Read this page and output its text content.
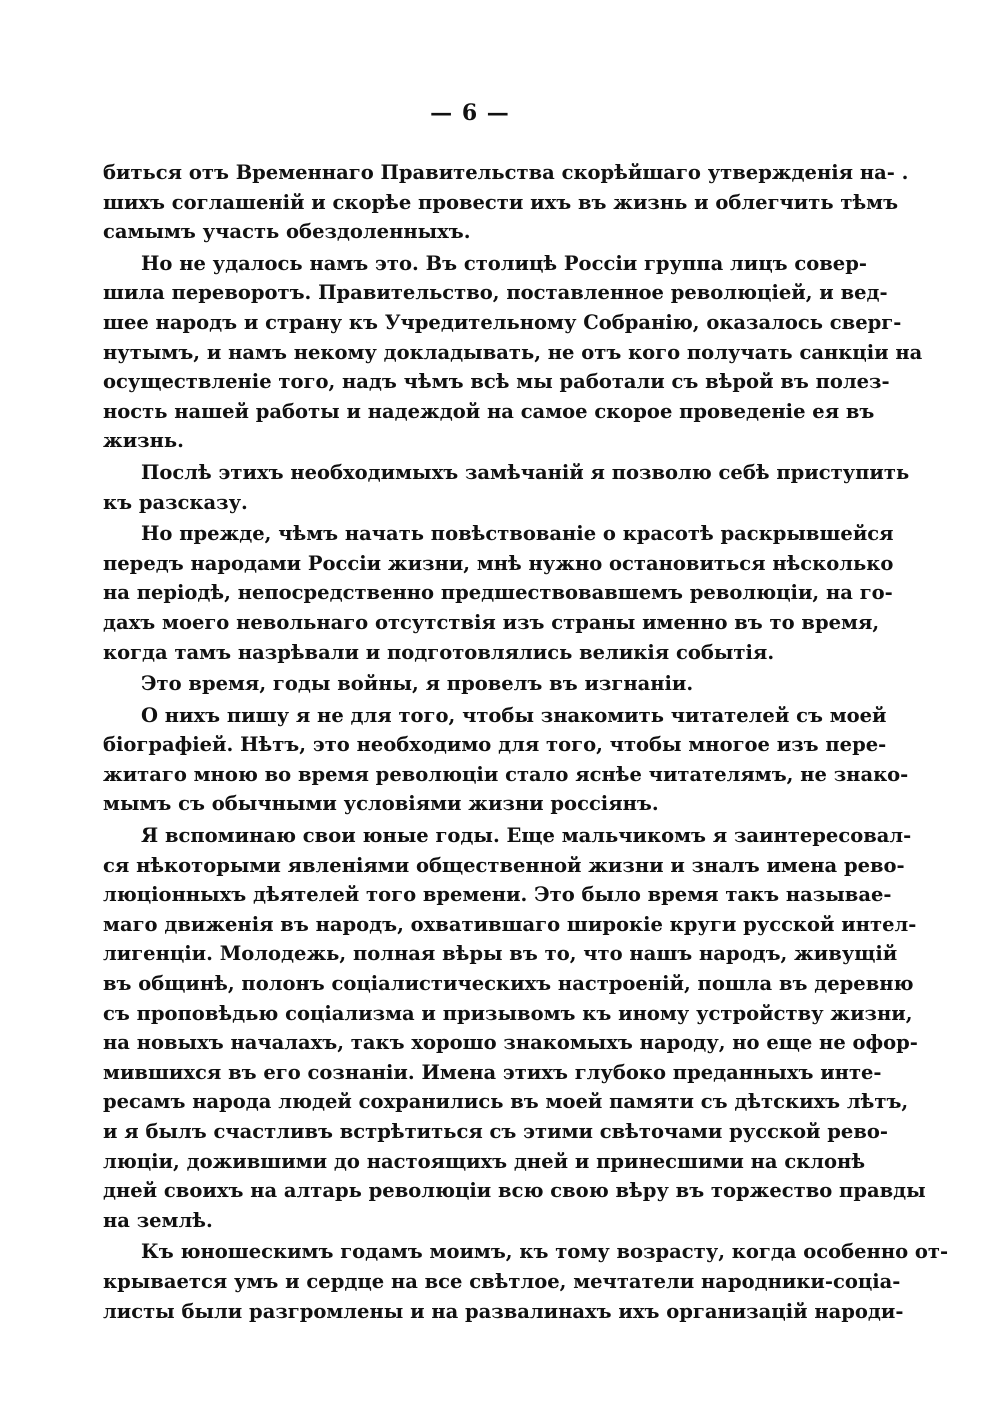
— 6 —
биться отъ Временнаго Правительства скорѣйшаго утвержденія на- .
шихъ соглашеній и скорѣе провести ихъ въ жизнь и облегчить тѣмъ
самымъ участь обездоленныхъ.
Но не удалось намъ это. Въ столицѣ Россіи группа лицъ совер-
шила переворотъ. Правительство, поставленное революціей, и вед-
шее народъ и страну къ Учредительному Собранію, оказалось сверг-
нутымъ, и намъ некому докладывать, не отъ кого получать санкціи на
осуществленіе того, надъ чѣмъ всѣ мы работали съ вѣрой въ полез-
ность нашей работы и надеждой на самое скорое проведеніе ея въ
жизнь.
Послѣ этихъ необходимыхъ замѣчаній я позволю себѣ приступить
къ разсказу.
Но прежде, чѣмъ начать повѣствованіе о красотѣ раскрывшейся
передъ народами Россіи жизни, мнѣ нужно остановиться нѣсколько
на періодѣ, непосредственно предшествовавшемъ революціи, на го-
дахъ моего невольнаго отсутствія изъ страны именно въ то время,
когда тамъ назрѣвали и подготовлялись великія событія.
Это время, годы войны, я провелъ въ изгнаніи.
О нихъ пишу я не для того, чтобы знакомить читателей съ моей
біографіей. Нѣтъ, это необходимо для того, чтобы многое изъ пере-
житаго мною во время революціи стало яснѣе читателямъ, не знако-
мымъ съ обычными условіями жизни россіянъ.
Я вспоминаю свои юные годы. Еще мальчикомъ я заинтересовал-
ся нѣкоторыми явленіями общественной жизни и зналъ имена рево-
люціонныхъ дѣятелей того времени. Это было время такъ называе-
маго движенія въ народъ, охватившаго широкіе круги русской интел-
лигенціи. Молодежь, полная вѣры въ то, что нашъ народъ, живущій
въ общинѣ, полонъ соціалистическихъ настроеній, пошла въ деревню
съ проповѣдью соціализма и призывомъ къ иному устройству жизни,
на новыхъ началахъ, такъ хорошо знакомыхъ народу, но еще не офор-
мившихся въ его сознаніи. Имена этихъ глубоко преданныхъ инте-
ресамъ народа людей сохранились въ моей памяти съ дѣтскихъ лѣтъ,
и я былъ счастливъ встрѣтиться съ этими свѣточами русской рево-
люціи, дожившими до настоящихъ дней и принесшими на склонѣ
дней своихъ на алтарь революціи всю свою вѣру въ торжество правды
на землѣ.
Къ юношескимъ годамъ моимъ, къ тому возрасту, когда особенно от-
крывается умъ и сердце на все свѣтлое, мечтатели народники-соціа-
листы были разгромлены и на развалинахъ ихъ организацій народи-
